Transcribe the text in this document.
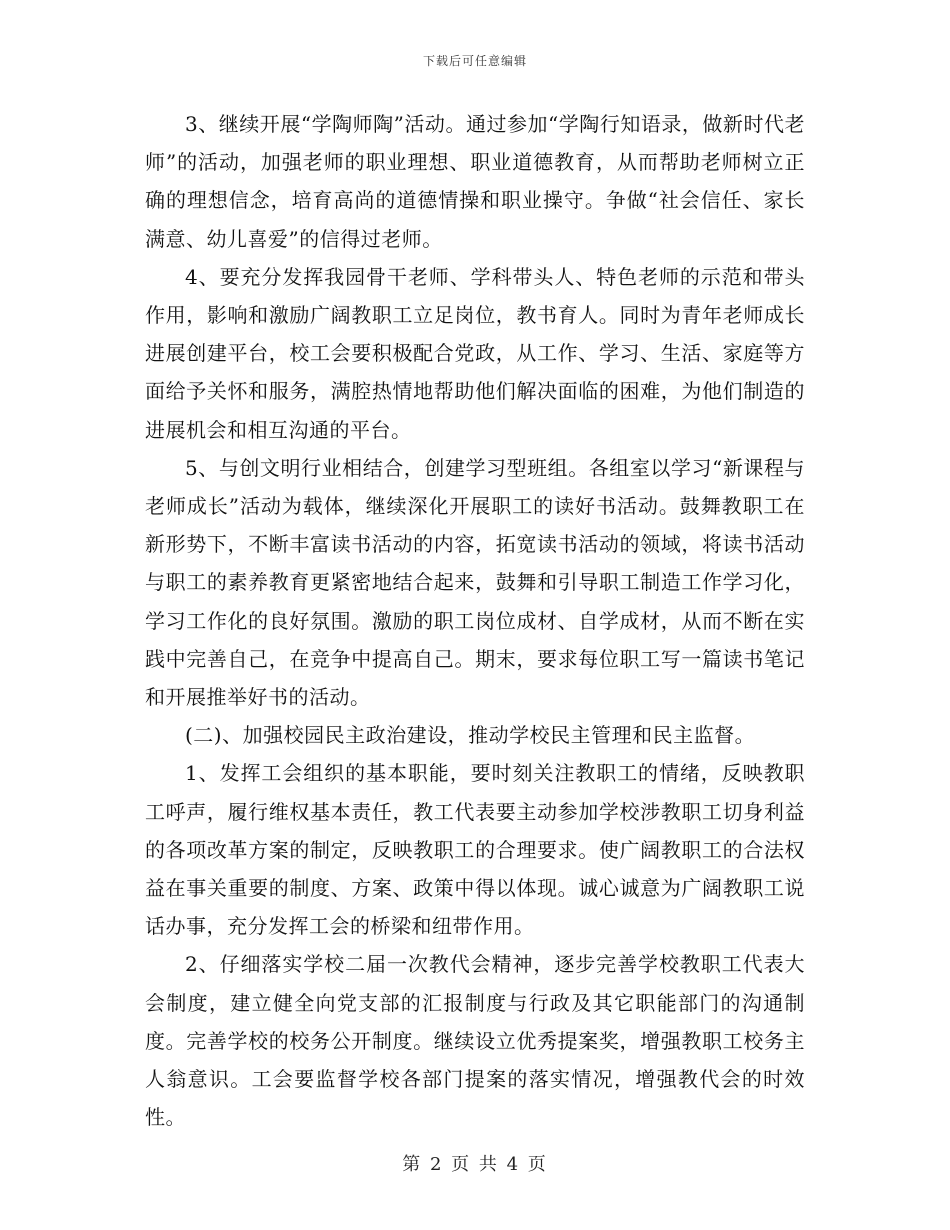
下载后可任意编辑

3、继续开展“学陶师陶”活动。通过参加“学陶行知语录，做新时代老师”的活动，加强老师的职业理想、职业道德教育，从而帮助老师树立正确的理想信念，培育高尚的道德情操和职业操守。争做“社会信任、家长满意、幼儿喜爱”的信得过老师。

4、要充分发挥我园骨干老师、学科带头人、特色老师的示范和带头作用，影响和激励广阔教职工立足岗位，教书育人。同时为青年老师成长进展创建平台，校工会要积极配合党政，从工作、学习、生活、家庭等方面给予关怀和服务，满腔热情地帮助他们解决面临的困难，为他们制造的进展机会和相互沟通的平台。

5、与创文明行业相结合，创建学习型班组。各组室以学习“新课程与老师成长”活动为载体，继续深化开展职工的读好书活动。鼓舞教职工在新形势下，不断丰富读书活动的内容，拓宽读书活动的领域，将读书活动与职工的素养教育更紧密地结合起来，鼓舞和引导职工制造工作学习化，学习工作化的良好氛围。激励的职工岗位成材、自学成材，从而不断在实践中完善自己，在竞争中提高自己。期末，要求每位职工写一篇读书笔记和开展推举好书的活动。

(二)、加强校园民主政治建设，推动学校民主管理和民主监督。

1、发挥工会组织的基本职能，要时刻关注教职工的情绪，反映教职工呼声，履行维权基本责任，教工代表要主动参加学校涉教职工切身利益的各项改革方案的制定，反映教职工的合理要求。使广阔教职工的合法权益在事关重要的制度、方案、政策中得以体现。诚心诚意为广阔教职工说话办事，充分发挥工会的桥梁和纽带作用。

2、仔细落实学校二届一次教代会精神，逐步完善学校教职工代表大会制度，建立健全向党支部的汇报制度与行政及其它职能部门的沟通制度。完善学校的校务公开制度。继续设立优秀提案奖，增强教职工校务主人翁意识。工会要监督学校各部门提案的落实情况，增强教代会的时效性。

第 2 页 共 4 页
